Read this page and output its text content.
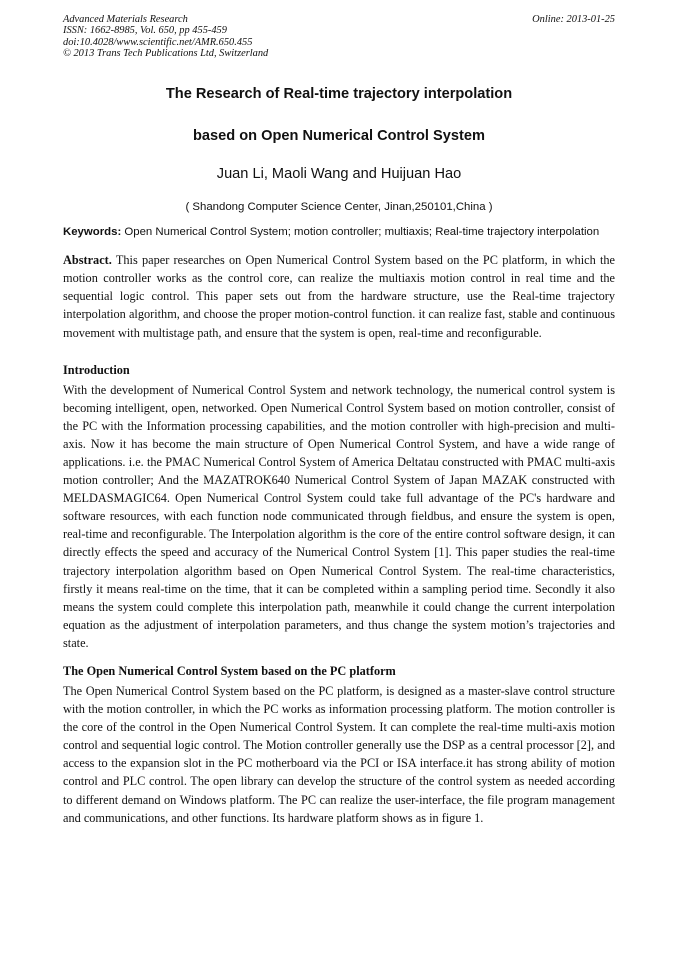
Advanced Materials Research
ISSN: 1662-8985, Vol. 650, pp 455-459
doi:10.4028/www.scientific.net/AMR.650.455
© 2013 Trans Tech Publications Ltd, Switzerland
Online: 2013-01-25
The Research of Real-time trajectory interpolation
based on Open Numerical Control System
Juan Li, Maoli Wang and Huijuan Hao
( Shandong Computer Science Center, Jinan,250101,China )
Keywords: Open Numerical Control System; motion controller; multiaxis; Real-time trajectory interpolation
Abstract. This paper researches on Open Numerical Control System based on the PC platform, in which the motion controller works as the control core, can realize the multiaxis motion control in real time and the sequential logic control. This paper sets out from the hardware structure, use the Real-time trajectory interpolation algorithm, and choose the proper motion-control function. it can realize fast, stable and continuous movement with multistage path, and ensure that the system is open, real-time and reconfigurable.
Introduction
With the development of Numerical Control System and network technology, the numerical control system is becoming intelligent, open, networked. Open Numerical Control System based on motion controller, consist of the PC with the Information processing capabilities, and the motion controller with high-precision and multi-axis. Now it has become the main structure of Open Numerical Control System, and have a wide range of applications. i.e. the PMAC Numerical Control System of America Deltatau constructed with PMAC multi-axis motion controller; And the MAZATROK640 Numerical Control System of Japan MAZAK constructed with MELDASMAGIC64. Open Numerical Control System could take full advantage of the PC's hardware and software resources, with each function node communicated through fieldbus, and ensure the system is open, real-time and reconfigurable. The Interpolation algorithm is the core of the entire control software design, it can directly effects the speed and accuracy of the Numerical Control System [1]. This paper studies the real-time trajectory interpolation algorithm based on Open Numerical Control System. The real-time characteristics, firstly it means real-time on the time, that it can be completed within a sampling period time. Secondly it also means the system could complete this interpolation path, meanwhile it could change the current interpolation equation as the adjustment of interpolation parameters, and thus change the system motion’s trajectories and state.
The Open Numerical Control System based on the PC platform
The Open Numerical Control System based on the PC platform, is designed as a master-slave control structure with the motion controller, in which the PC works as information processing platform. The motion controller is the core of the control in the Open Numerical Control System. It can complete the real-time multi-axis motion control and sequential logic control. The Motion controller generally use the DSP as a central processor [2], and access to the expansion slot in the PC motherboard via the PCI or ISA interface.it has strong ability of motion control and PLC control. The open library can develop the structure of the control system as needed according to different demand on Windows platform. The PC can realize the user-interface, the file program management and communications, and other functions. Its hardware platform shows as in figure 1.
